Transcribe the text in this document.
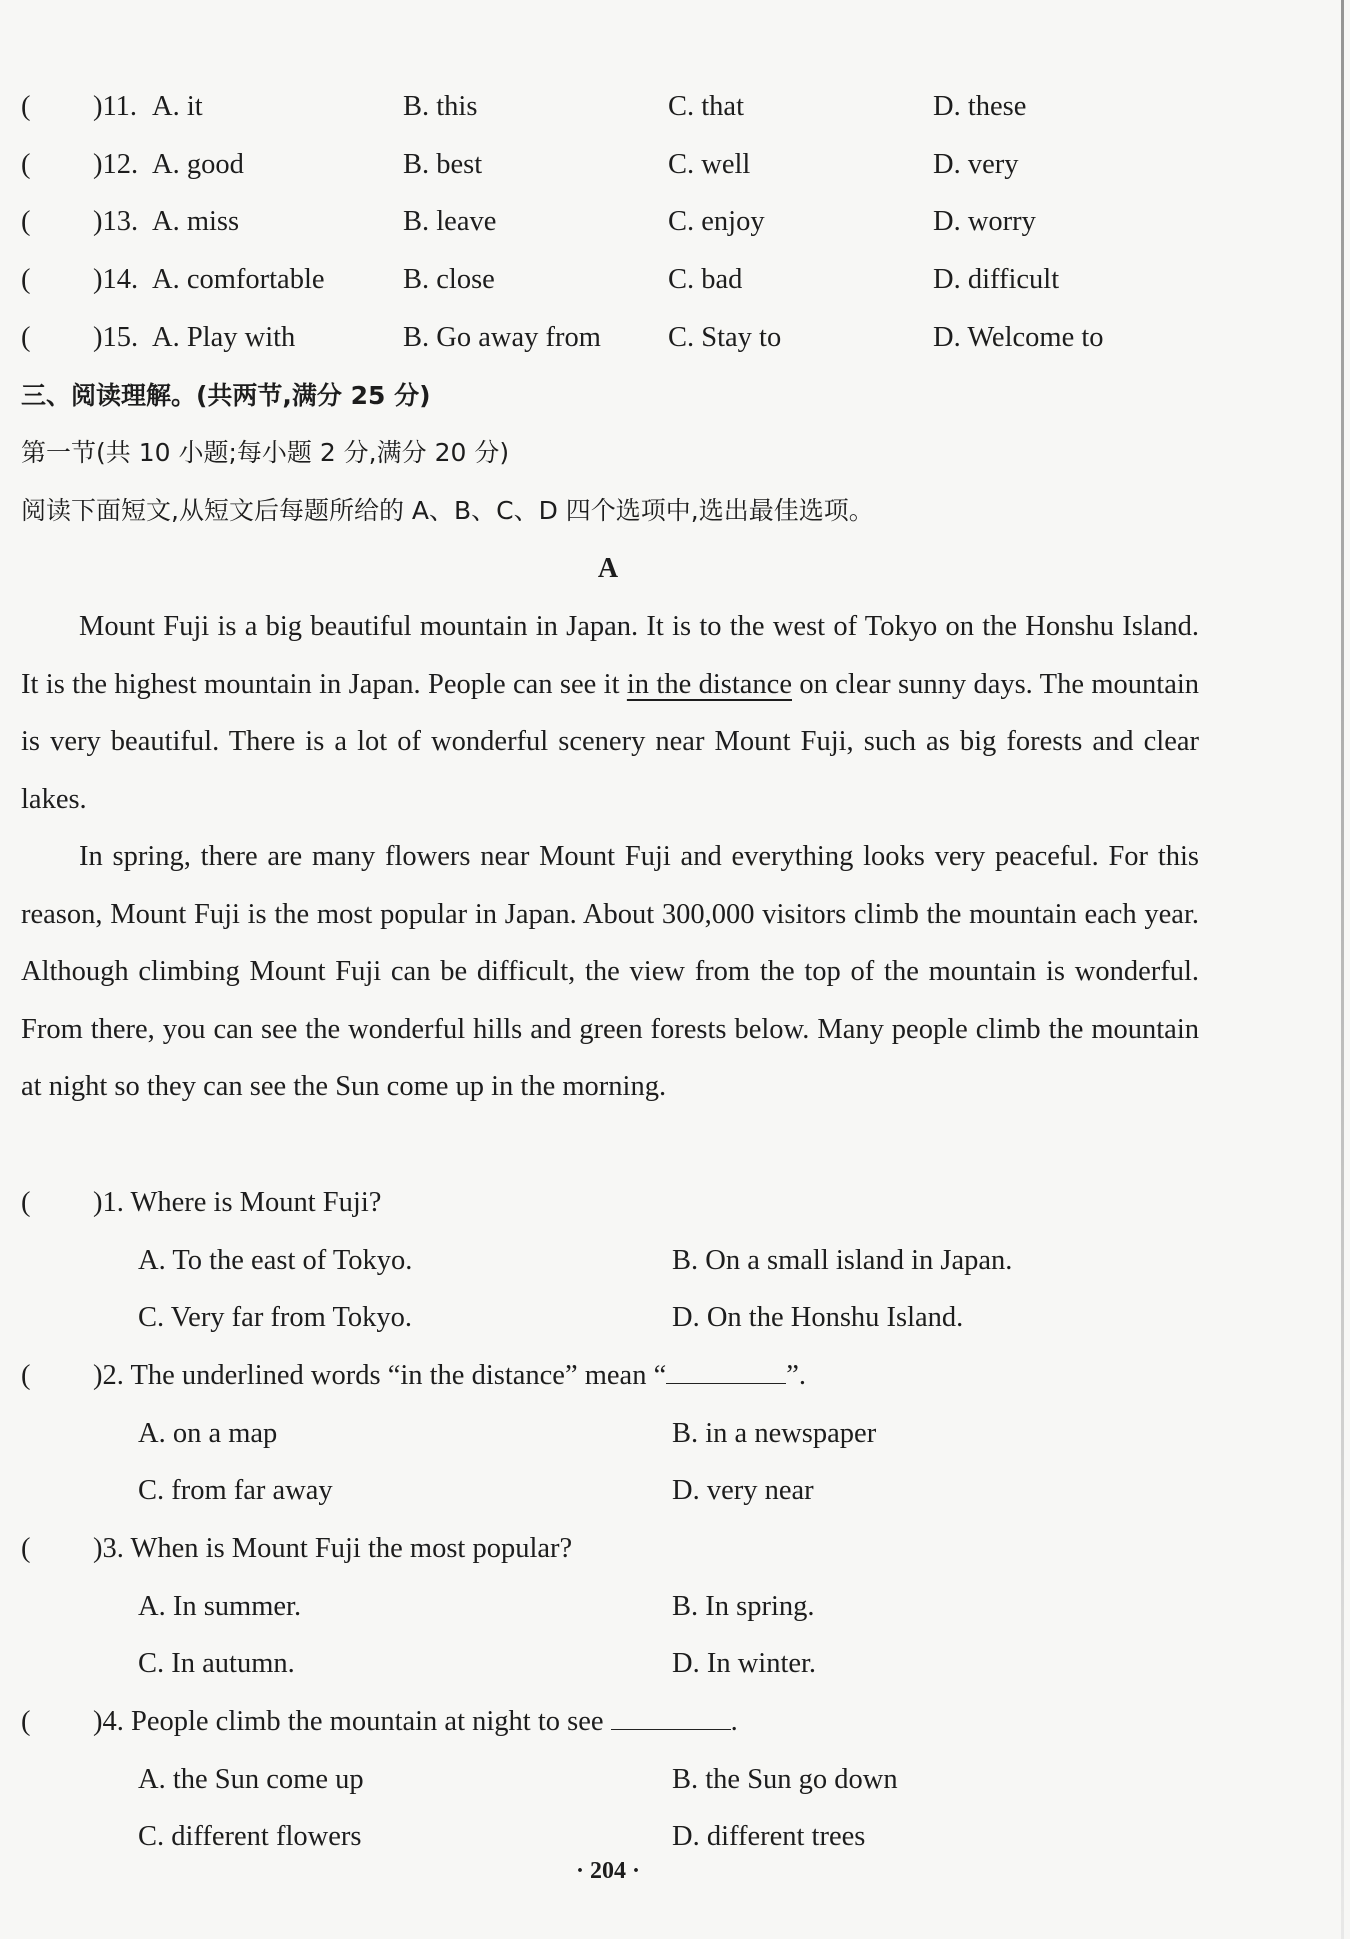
( )11. A. it	B. this	C. that	D. these
( )12. A. good	B. best	C. well	D. very
( )13. A. miss	B. leave	C. enjoy	D. worry
( )14. A. comfortable	B. close	C. bad	D. difficult
( )15. A. Play with	B. Go away from C. Stay to	D. Welcome to
三、阅读理解。(共两节,满分 25 分)
第一节(共 10 小题;每小题 2 分,满分 20 分)
阅读下面短文,从短文后每题所给的 A、B、C、D 四个选项中,选出最佳选项。
A
Mount Fuji is a big beautiful mountain in Japan. It is to the west of Tokyo on the Honshu Island. It is the highest mountain in Japan. People can see it in the distance on clear sunny days. The mountain is very beautiful. There is a lot of wonderful scenery near Mount Fuji, such as big forests and clear lakes.
In spring, there are many flowers near Mount Fuji and everything looks very peaceful. For this reason, Mount Fuji is the most popular in Japan. About 300,000 visitors climb the mountain each year. Although climbing Mount Fuji can be difficult, the view from the top of the mountain is wonderful. From there, you can see the wonderful hills and green forests below. Many people climb the mountain at night so they can see the Sun come up in the morning.
( )1. Where is Mount Fuji?
A. To the east of Tokyo.	B. On a small island in Japan.
C. Very far from Tokyo.	D. On the Honshu Island.
( )2. The underlined words “in the distance” mean “	”.
A. on a map	B. in a newspaper
C. from far away	D. very near
( )3. When is Mount Fuji the most popular?
A. In summer.	B. In spring.
C. In autumn.	D. In winter.
( )4. People climb the mountain at night to see	.
A. the Sun come up	B. the Sun go down
C. different flowers	D. different trees
· 204 ·
